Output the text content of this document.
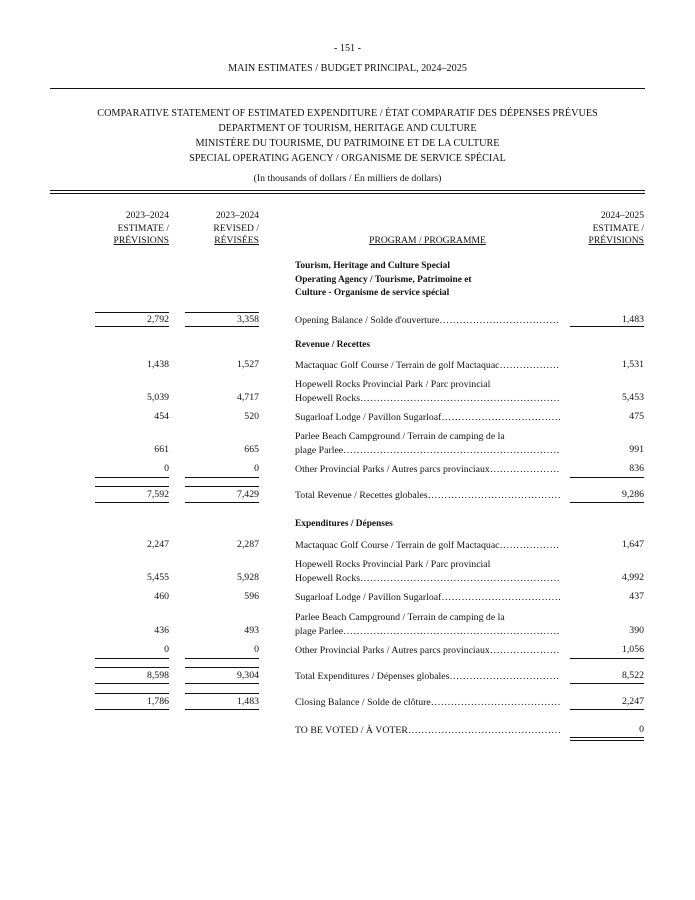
- 151 -
MAIN ESTIMATES / BUDGET PRINCIPAL, 2024–2025
COMPARATIVE STATEMENT OF ESTIMATED EXPENDITURE / ÉTAT COMPARATIF DES DÉPENSES PRÉVUES
DEPARTMENT OF TOURISM, HERITAGE AND CULTURE
MINISTÈRE DU TOURISME, DU PATRIMOINE ET DE LA CULTURE
SPECIAL OPERATING AGENCY / ORGANISME DE SERVICE SPÉCIAL
(In thousands of dollars / En milliers de dollars)
2023–2024
ESTIMATE /
PRÉVISIONS
2023–2024
REVISED /
RÉVISÉES	PROGRAM / PROGRAMME
2024–2025
ESTIMATE /
PRÉVISIONS
Tourism, Heritage and Culture Special
Operating Agency / Tourisme, Patrimoine et
Culture - Organisme de service spécial
2,792	3,358	Opening Balance / Solde d'ouverture ……………………………………………………………………………………………………………………………………	1,483
Revenue / Recettes
1,438	1,527	Mactaquac Golf Course / Terrain de golf Mactaquac ……………………………………………………………………………………………………………………………………	1,531
Hopewell Rocks Provincial Park / Parc provincial
5,039	4,717	Hopewell Rocks ……………………………………………………………………………………………………………………………………	5,453
454	520	Sugarloaf Lodge / Pavillon Sugarloaf ……………………………………………………………………………………………………………………………………	475
Parlee Beach Campground / Terrain de camping de la
661	665	plage Parlee ……………………………………………………………………………………………………………………………………	991
0	0	Other Provincial Parks / Autres parcs provinciaux ……………………………………………………………………………………………………………………………………	836
7,592	7,429	Total Revenue / Recettes globales ……………………………………………………………………………………………………………………………………	9,286
Expenditures / Dépenses
2,247	2,287	Mactaquac Golf Course / Terrain de golf Mactaquac ……………………………………………………………………………………………………………………………………	1,647
Hopewell Rocks Provincial Park / Parc provincial
5,455	5,928	Hopewell Rocks ……………………………………………………………………………………………………………………………………	4,992
460	596	Sugarloaf Lodge / Pavillon Sugarloaf ……………………………………………………………………………………………………………………………………	437
Parlee Beach Campground / Terrain de camping de la
436	493	plage Parlee ……………………………………………………………………………………………………………………………………	390
0	0	Other Provincial Parks / Autres parcs provinciaux ……………………………………………………………………………………………………………………………………	1,056
8,598	9,304	Total Expenditures / Dépenses globales ……………………………………………………………………………………………………………………………………	8,522
1,786	1,483	Closing Balance / Solde de clôture ……………………………………………………………………………………………………………………………………	2,247
TO BE VOTED / À VOTER ……………………………………………………………………………………………………………………………………	0
